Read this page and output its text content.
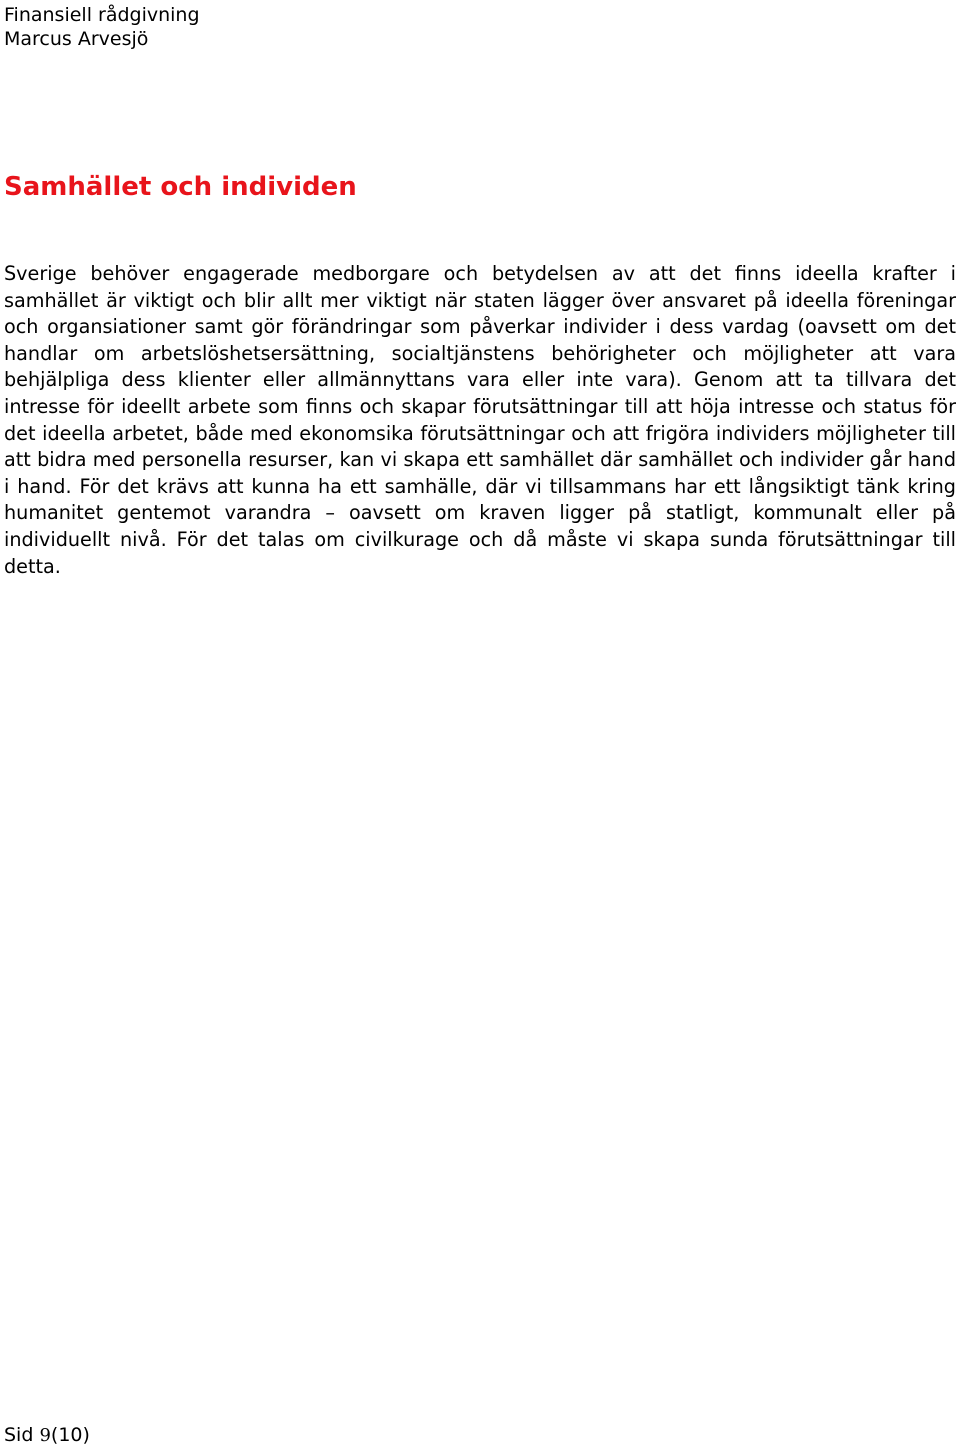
Finansiell rådgivning
Marcus Arvesjö
Samhället och individen

Sverige behöver engagerade medborgare och betydelsen av att det finns ideella krafter i samhället är viktigt och blir allt mer viktigt när staten lägger över ansvaret på ideella föreningar och organsiationer samt gör förändringar som påverkar individer i dess vardag (oavsett om det handlar om arbetslöshetsersättning, socialtjänstens behörigheter och möjligheter att vara behjälpliga dess klienter eller allmännyttans vara eller inte vara). Genom att ta tillvara det intresse för ideellt arbete som finns och skapar förutsättningar till att höja intresse och status för det ideella arbetet, både med ekonomsika förutsättningar och att frigöra individers möjligheter till att bidra med personella resurser, kan vi skapa ett samhället där samhället och individer går hand i hand. För det krävs att kunna ha ett samhälle, där vi tillsammans har ett långsiktigt tänk kring humanitet gentemot varandra – oavsett om kraven ligger på statligt, kommunalt eller på individuellt nivå. För det talas om civilkurage och då måste vi skapa sunda förutsättningar till detta.

Sid 9(10)
